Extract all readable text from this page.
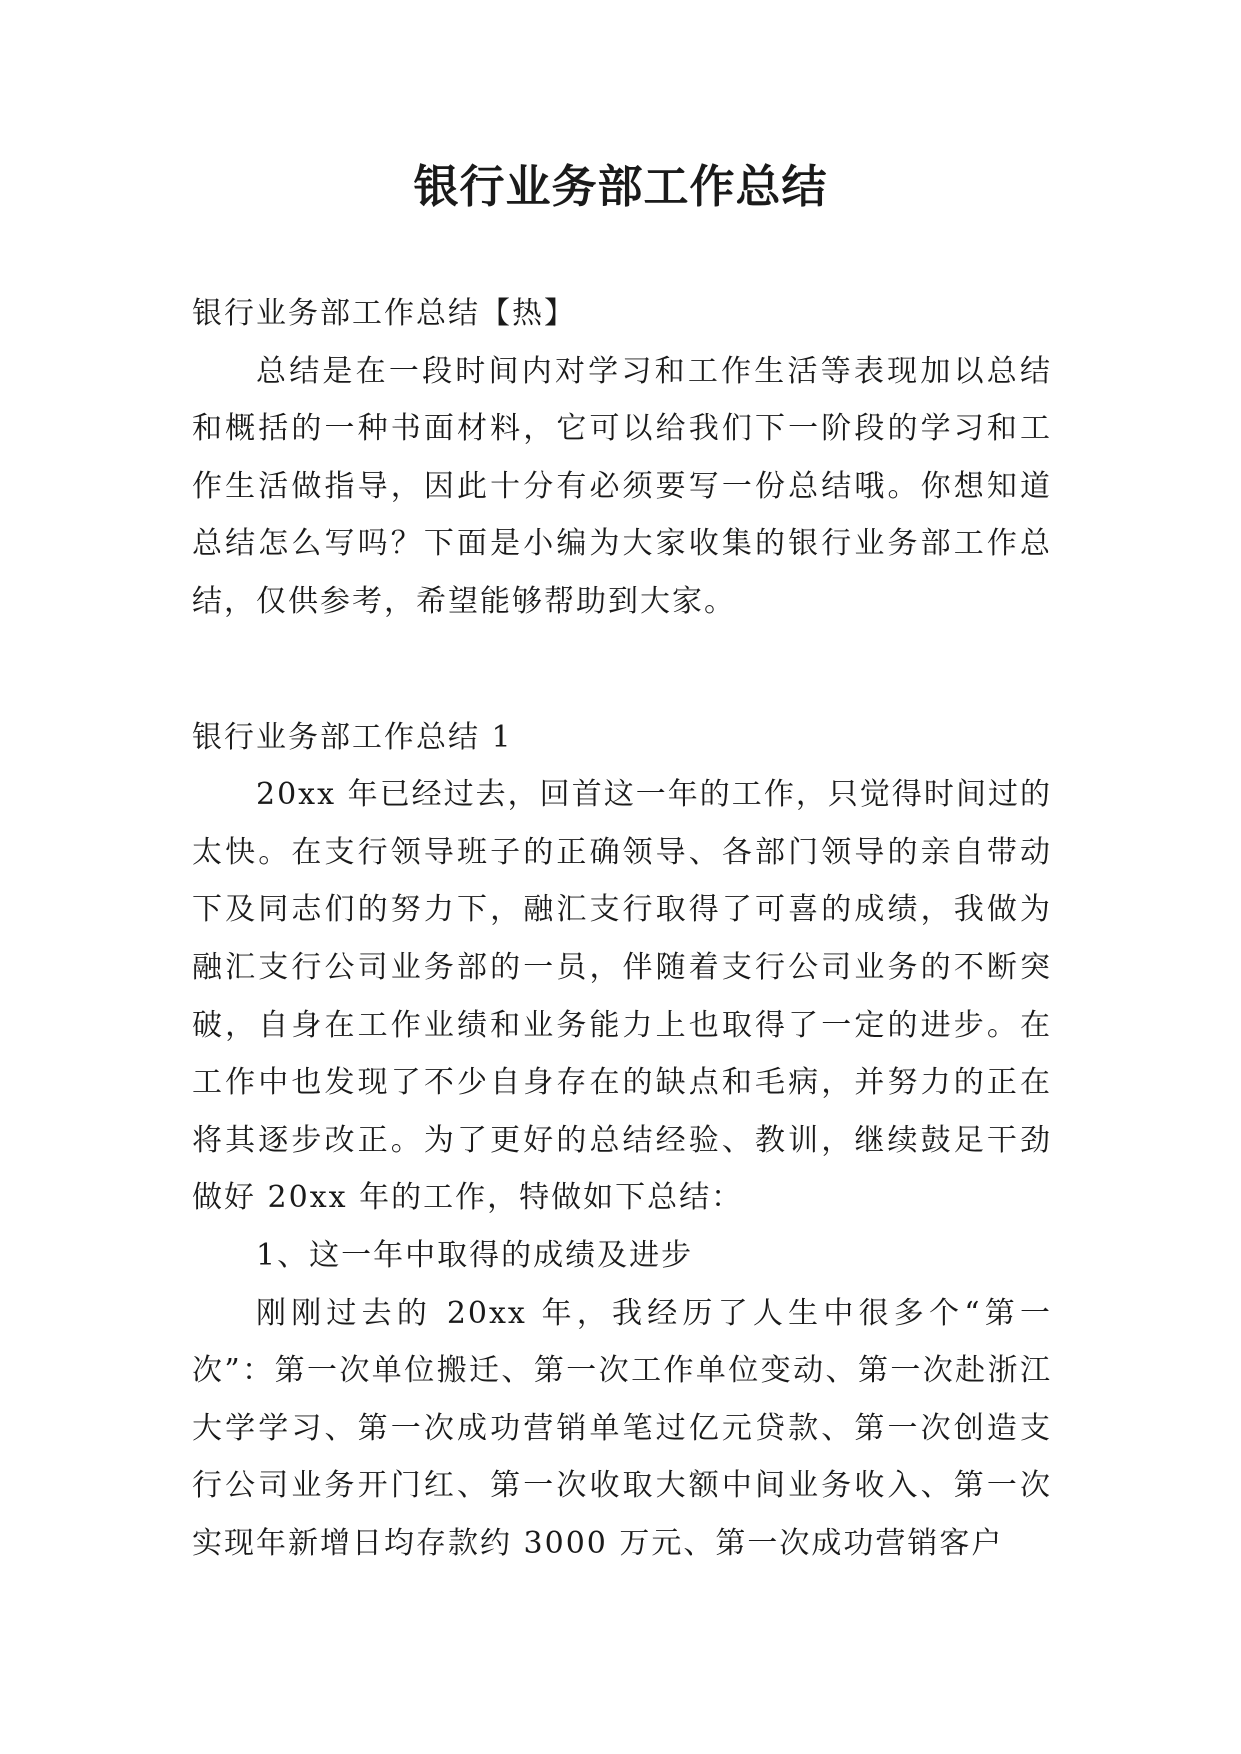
银行业务部工作总结

银行业务部工作总结【热】

总结是在一段时间内对学习和工作生活等表现加以总结和概括的一种书面材料，它可以给我们下一阶段的学习和工作生活做指导，因此十分有必须要写一份总结哦。你想知道总结怎么写吗？下面是小编为大家收集的银行业务部工作总结，仅供参考，希望能够帮助到大家。

银行业务部工作总结 1

20xx 年已经过去，回首这一年的工作，只觉得时间过的太快。在支行领导班子的正确领导、各部门领导的亲自带动下及同志们的努力下，融汇支行取得了可喜的成绩，我做为融汇支行公司业务部的一员，伴随着支行公司业务的不断突破，自身在工作业绩和业务能力上也取得了一定的进步。在工作中也发现了不少自身存在的缺点和毛病，并努力的正在将其逐步改正。为了更好的总结经验、教训，继续鼓足干劲做好 20xx 年的工作，特做如下总结：

1、这一年中取得的成绩及进步

刚刚过去的 20xx 年，我经历了人生中很多个“第一次”：第一次单位搬迁、第一次工作单位变动、第一次赴浙江大学学习、第一次成功营销单笔过亿元贷款、第一次创造支行公司业务开门红、第一次收取大额中间业务收入、第一次实现年新增日均存款约 3000 万元、第一次成功营销客户
